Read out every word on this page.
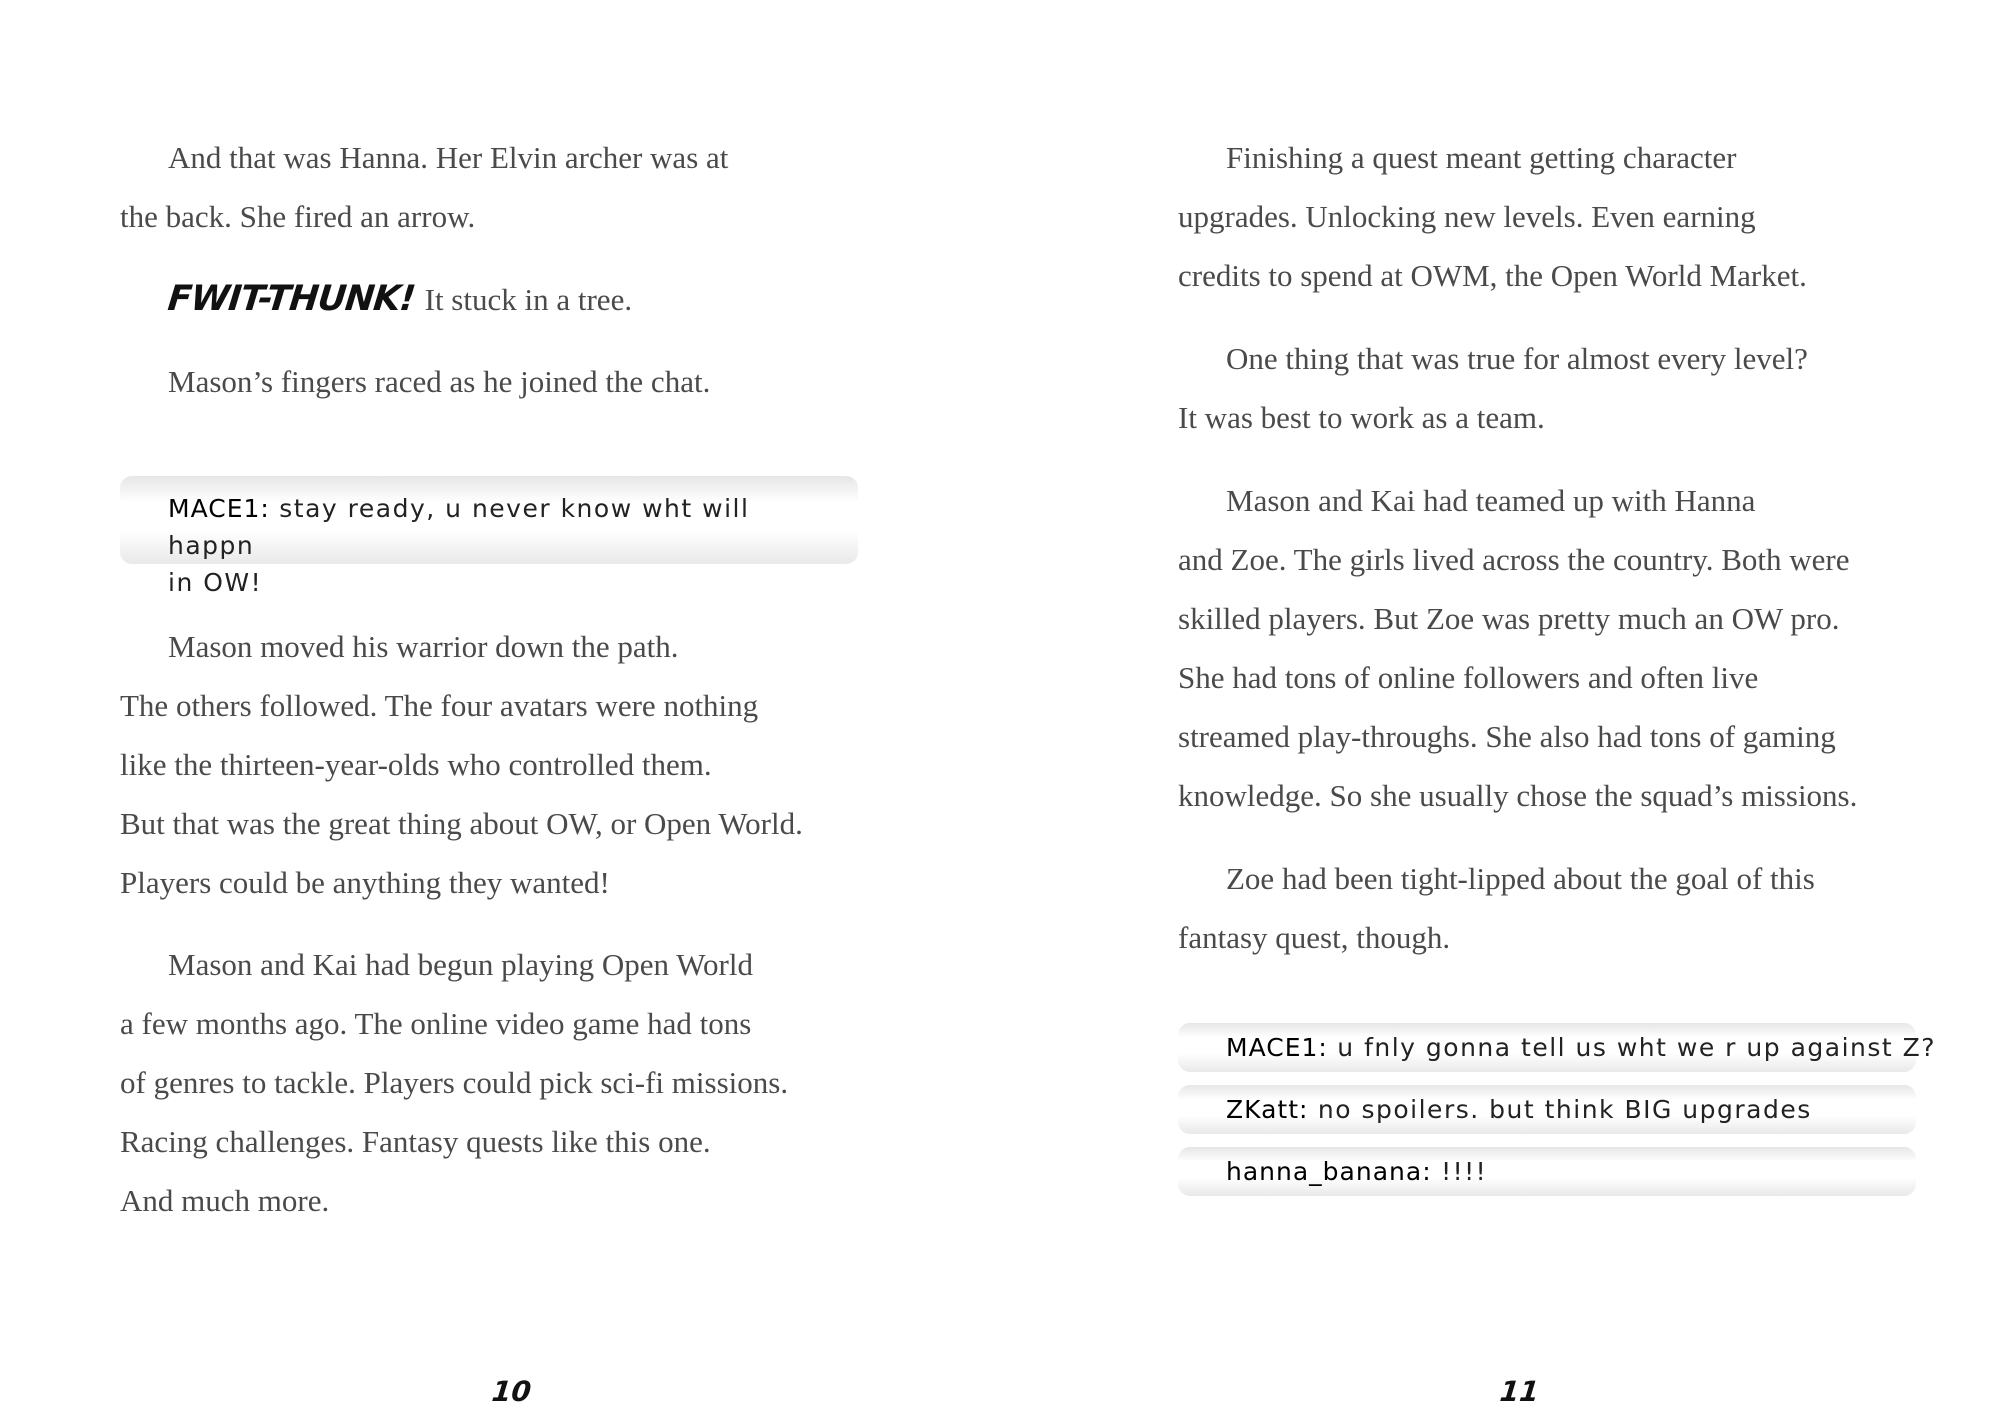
And that was Hanna. Her Elvin archer was at

the back. She fired an arrow.

FWIT-THUNK! It stuck in a tree.

Mason’s fingers raced as he joined the chat.

MACE1: stay ready, u never know wht will happn
in OW!

Mason moved his warrior down the path.

The others followed. The four avatars were nothing

like the thirteen-year-olds who controlled them.

But that was the great thing about OW, or Open World.

Players could be anything they wanted!

Mason and Kai had begun playing Open World

a few months ago. The online video game had tons

of genres to tackle. Players could pick sci-fi missions.

Racing challenges. Fantasy quests like this one.

And much more.

10

Finishing a quest meant getting character

upgrades. Unlocking new levels. Even earning

credits to spend at OWM, the Open World Market.

One thing that was true for almost every level?

It was best to work as a team.

Mason and Kai had teamed up with Hanna

and Zoe. The girls lived across the country. Both were

skilled players. But Zoe was pretty much an OW pro.

She had tons of online followers and often live

streamed play-throughs. She also had tons of gaming

knowledge. So she usually chose the squad’s missions.

Zoe had been tight-lipped about the goal of this

fantasy quest, though.

MACE1: u fnly gonna tell us wht we r up against Z?
ZKatt: no spoilers. but think BIG upgrades
hanna_banana: !!!!
11
